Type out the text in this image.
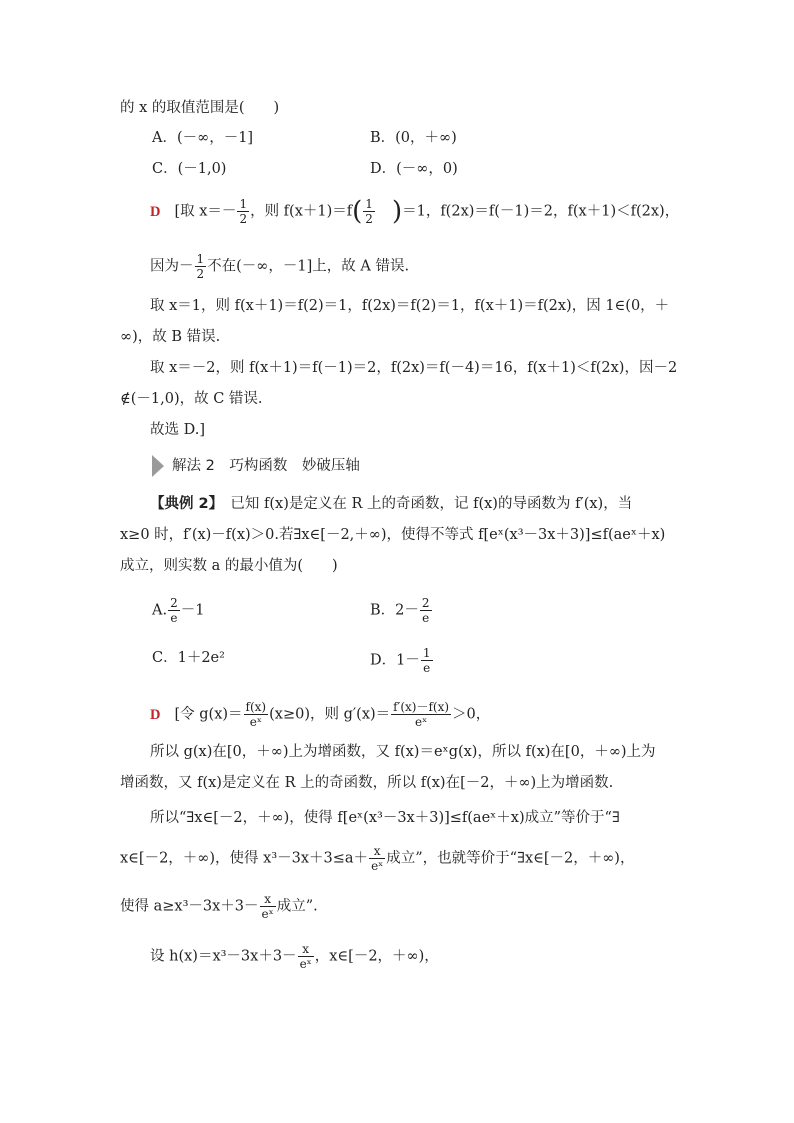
的 x 的取值范围是(　　)
A．(－∞，－1]	B．(0，＋∞)
C．(－1,0)	D．(－∞，0)
D [取 $x=- \frac{1}{2}$ ，则 $f(x+1)=f( \frac{1}{2} )=1$，f(2x)＝f(－1)＝2，f(x＋1)＜f(2x)，
因为－ $\frac{1}{2}$ 不在(－∞，－1]上，故 A 错误.
取 x＝1，则 f(x＋1)＝f(2)＝1，f(2x)＝f(2)＝1，f(x＋1)＝f(2x)，因 1∈(0，＋
∞)，故 B 错误.
取 x＝－2，则 f(x＋1)＝f(－1)＝2，f(2x)＝f(－4)＝16，f(x＋1)＜f(2x)，因－2
∉(－1,0)，故 C 错误.
故选 D.]
解法 2　巧构函数　妙破压轴
【典例 2】　已知 f(x)是定义在 R 上的奇函数，记 f(x)的导函数为 f′(x)，当
x≥0 时，f′(x)－f(x)＞0.若∃x∈[－2,＋∞)，使得不等式 f[eˣ(x³－3x＋3)]≤f(aeˣ＋x)
成立，则实数 a 的最小值为(　　)
A. $\frac{2}{e} -1$	B．$2- \frac{2}{e}$
C．1＋2e²	D．$1- \frac{1}{e}$
D [令 $g(x)= \frac{f(x)}{\text{eˣ}} (x\ge 0)$，则 $g'(x)= \frac{f'(x)-f(x)}{\text{eˣ}} >0$，
所以 g(x)在[0，＋∞)上为增函数，又 f(x)＝eˣg(x)，所以 f(x)在[0，＋∞)上为
增函数，又 f(x)是定义在 R 上的奇函数，所以 f(x)在[－2，＋∞)上为增函数.
所以“∃x∈[－2，＋∞)，使得 f[eˣ(x³－3x＋3)]≤f(aeˣ＋x)成立”等价于“∃
x∈[－2，＋∞)，使得 $x^3-3x+3\le a+ \frac{x}{\text{eˣ}}$ 成立”，也就等价于“∃x∈[－2，＋∞)，
使得 $a\ge x^3-3x+3- \frac{x}{\text{eˣ}}$ 成立”.
设 $h(x)=x^3-3x+3- \frac{x}{\text{eˣ}}$ ，x∈[－2，＋∞)，
